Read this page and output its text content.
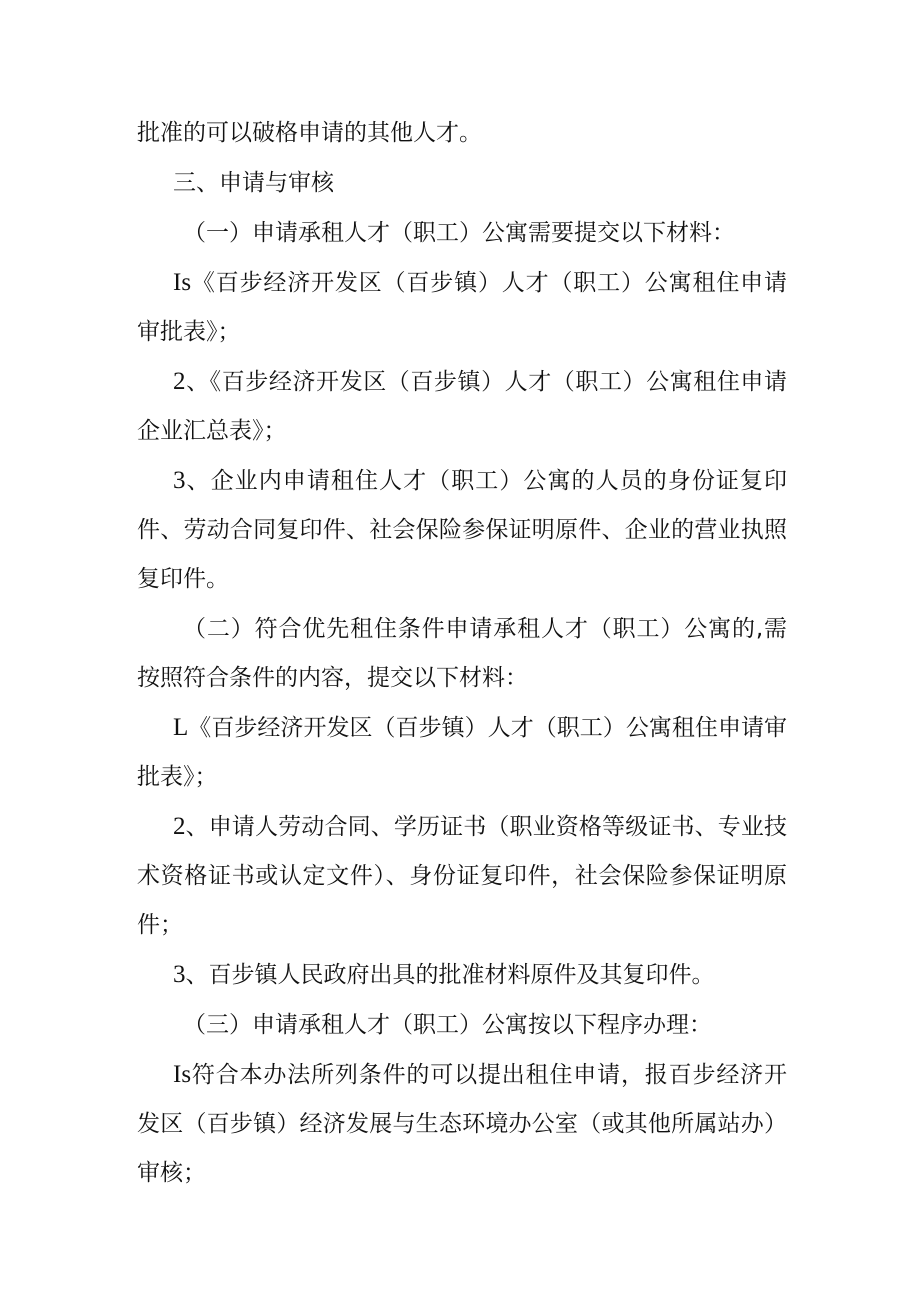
批准的可以破格申请的其他人才。

三、申请与审核

（一）申请承租人才（职工）公寓需要提交以下材料：

Is《百步经济开发区（百步镇）人才（职工）公寓租住申请审批表》；

2、《百步经济开发区（百步镇）人才（职工）公寓租住申请企业汇总表》；

3、企业内申请租住人才（职工）公寓的人员的身份证复印件、劳动合同复印件、社会保险参保证明原件、企业的营业执照复印件。

（二）符合优先租住条件申请承租人才（职工）公寓的,需按照符合条件的内容，提交以下材料：

L《百步经济开发区（百步镇）人才（职工）公寓租住申请审批表》；

2、申请人劳动合同、学历证书（职业资格等级证书、专业技术资格证书或认定文件）、身份证复印件，社会保险参保证明原件；

3、百步镇人民政府出具的批准材料原件及其复印件。

（三）申请承租人才（职工）公寓按以下程序办理：

Is符合本办法所列条件的可以提出租住申请，报百步经济开发区（百步镇）经济发展与生态环境办公室（或其他所属站办）审核；
